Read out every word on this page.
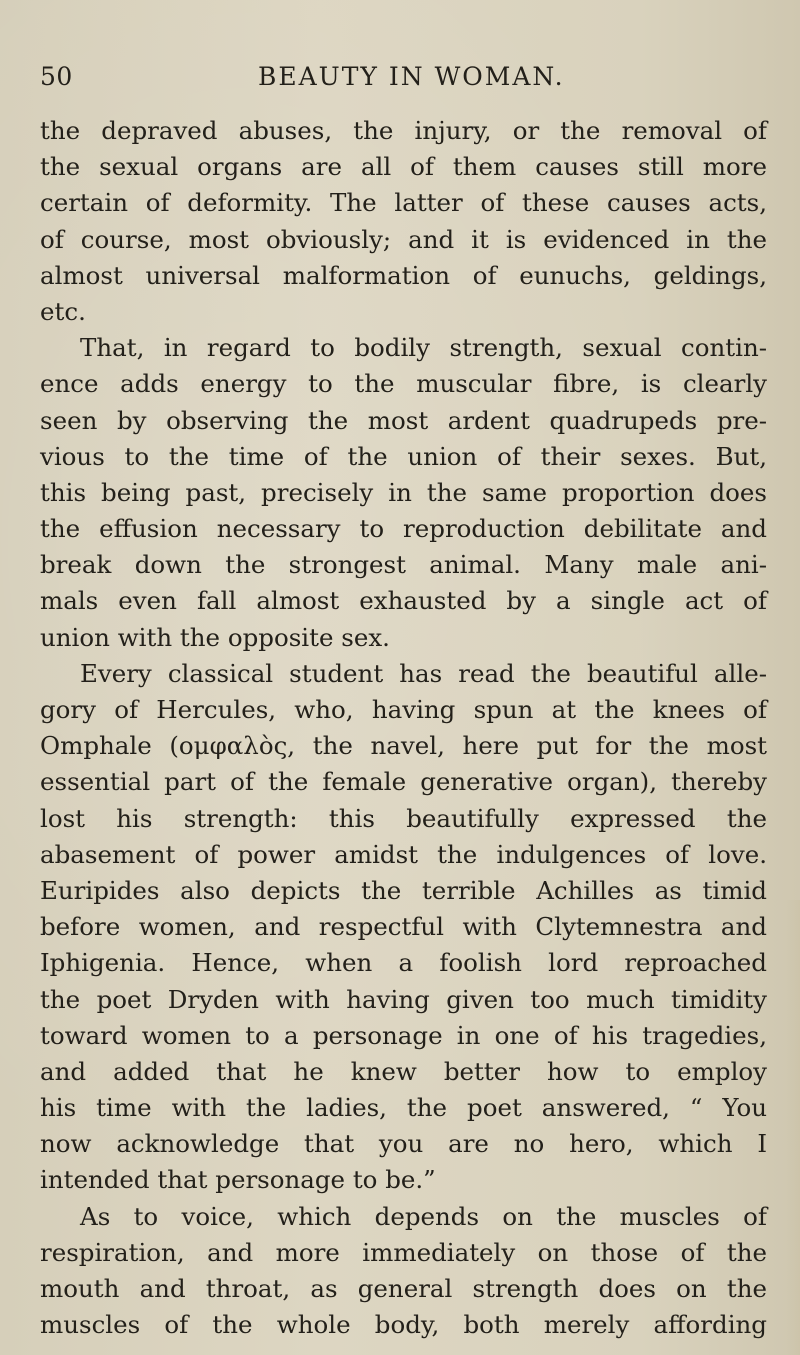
50	BEAUTY IN WOMAN.
the depraved abuses, the injury, or the removal of
the sexual organs are all of them causes still more
certain of deformity. The latter of these causes acts,
of course, most obviously; and it is evidenced in the
almost universal malformation of eunuchs, geldings,
etc.
That, in regard to bodily strength, sexual contin-
ence adds energy to the muscular fibre, is clearly
seen by observing the most ardent quadrupeds pre-
vious to the time of the union of their sexes. But,
this being past, precisely in the same proportion does
the effusion necessary to reproduction debilitate and
break down the strongest animal. Many male ani-
mals even fall almost exhausted by a single act of
union with the opposite sex.
Every classical student has read the beautiful alle-
gory of Hercules, who, having spun at the knees of
Omphale (ομφαλὸς, the navel, here put for the most
essential part of the female generative organ), thereby
lost his strength: this beautifully expressed the
abasement of power amidst the indulgences of love.
Euripides also depicts the terrible Achilles as timid
before women, and respectful with Clytemnestra and
Iphigenia. Hence, when a foolish lord reproached
the poet Dryden with having given too much timidity
toward women to a personage in one of his tragedies,
and added that he knew better how to employ
his time with the ladies, the poet answered, “ You
now acknowledge that you are no hero, which I
intended that personage to be.”
As to voice, which depends on the muscles of
respiration, and more immediately on those of the
mouth and throat, as general strength does on the
muscles of the whole body, both merely affording
